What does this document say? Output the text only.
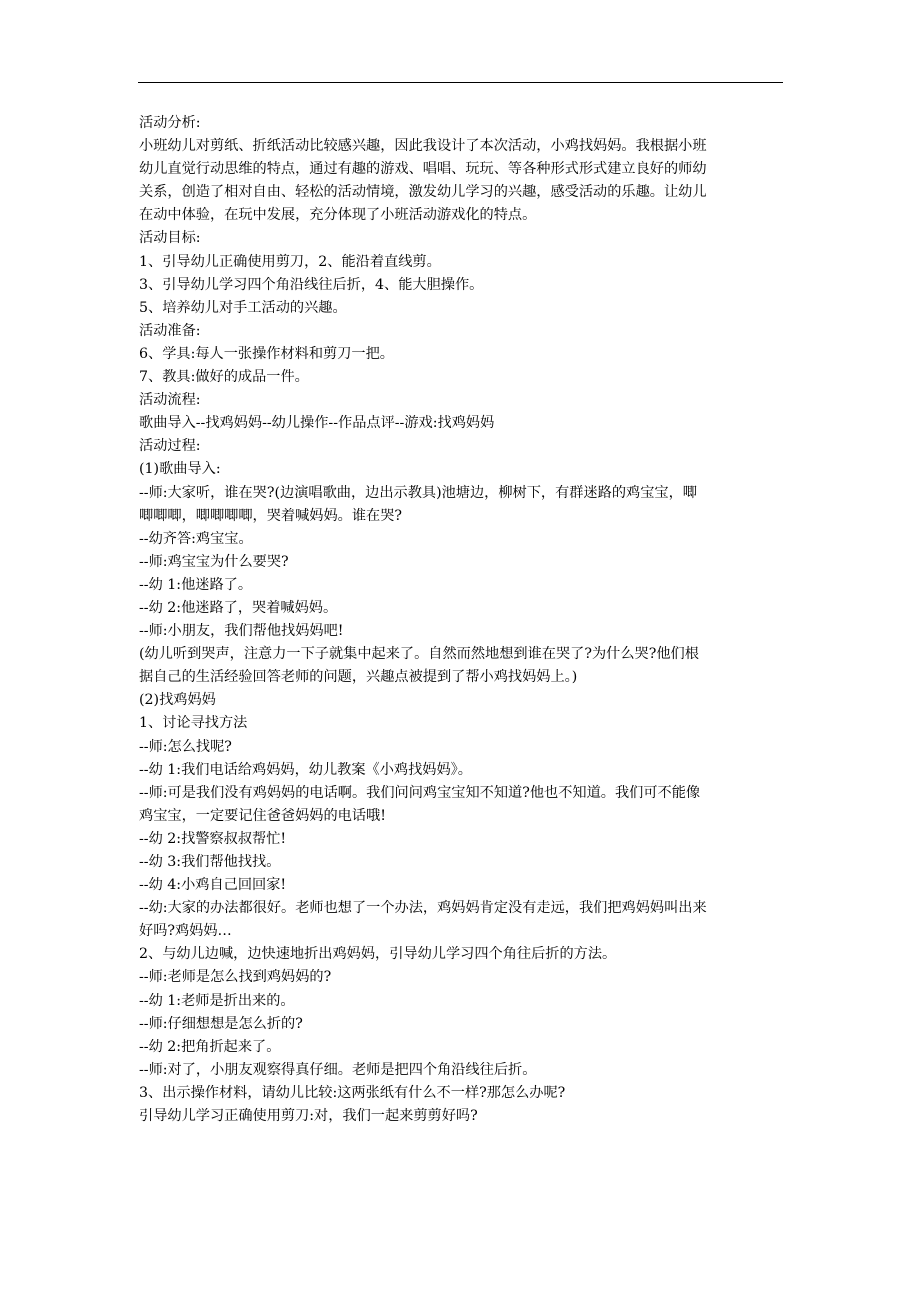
活动分析:
小班幼儿对剪纸、折纸活动比较感兴趣，因此我设计了本次活动，小鸡找妈妈。我根据小班
幼儿直觉行动思维的特点，通过有趣的游戏、唱唱、玩玩、等各种形式形式建立良好的师幼
关系，创造了相对自由、轻松的活动情境，激发幼儿学习的兴趣，感受活动的乐趣。让幼儿
在动中体验，在玩中发展，充分体现了小班活动游戏化的特点。
活动目标:
1、引导幼儿正确使用剪刀，2、能沿着直线剪。
3、引导幼儿学习四个角沿线往后折，4、能大胆操作。
5、培养幼儿对手工活动的兴趣。
活动准备:
6、学具:每人一张操作材料和剪刀一把。
7、教具:做好的成品一件。
活动流程:
歌曲导入--找鸡妈妈--幼儿操作--作品点评--游戏:找鸡妈妈
活动过程:
(1)歌曲导入:
--师:大家听，谁在哭?(边演唱歌曲，边出示教具)池塘边，柳树下，有群迷路的鸡宝宝，唧
唧唧唧，唧唧唧唧，哭着喊妈妈。谁在哭?
--幼齐答:鸡宝宝。
--师:鸡宝宝为什么要哭?
--幼 1:他迷路了。
--幼 2:他迷路了，哭着喊妈妈。
--师:小朋友，我们帮他找妈妈吧!
(幼儿听到哭声，注意力一下子就集中起来了。自然而然地想到谁在哭了?为什么哭?他们根
据自己的生活经验回答老师的问题，兴趣点被提到了帮小鸡找妈妈上。)
(2)找鸡妈妈
1、讨论寻找方法
--师:怎么找呢?
--幼 1:我们电话给鸡妈妈，幼儿教案《小鸡找妈妈》。
--师:可是我们没有鸡妈妈的电话啊。我们问问鸡宝宝知不知道?他也不知道。我们可不能像
鸡宝宝，一定要记住爸爸妈妈的电话哦!
--幼 2:找警察叔叔帮忙!
--幼 3:我们帮他找找。
--幼 4:小鸡自己回回家!
--幼:大家的办法都很好。老师也想了一个办法，鸡妈妈肯定没有走远，我们把鸡妈妈叫出来
好吗?鸡妈妈…
2、与幼儿边喊，边快速地折出鸡妈妈，引导幼儿学习四个角往后折的方法。
--师:老师是怎么找到鸡妈妈的?
--幼 1:老师是折出来的。
--师:仔细想想是怎么折的?
--幼 2:把角折起来了。
--师:对了，小朋友观察得真仔细。老师是把四个角沿线往后折。
3、出示操作材料，请幼儿比较:这两张纸有什么不一样?那怎么办呢?
引导幼儿学习正确使用剪刀:对，我们一起来剪剪好吗?
